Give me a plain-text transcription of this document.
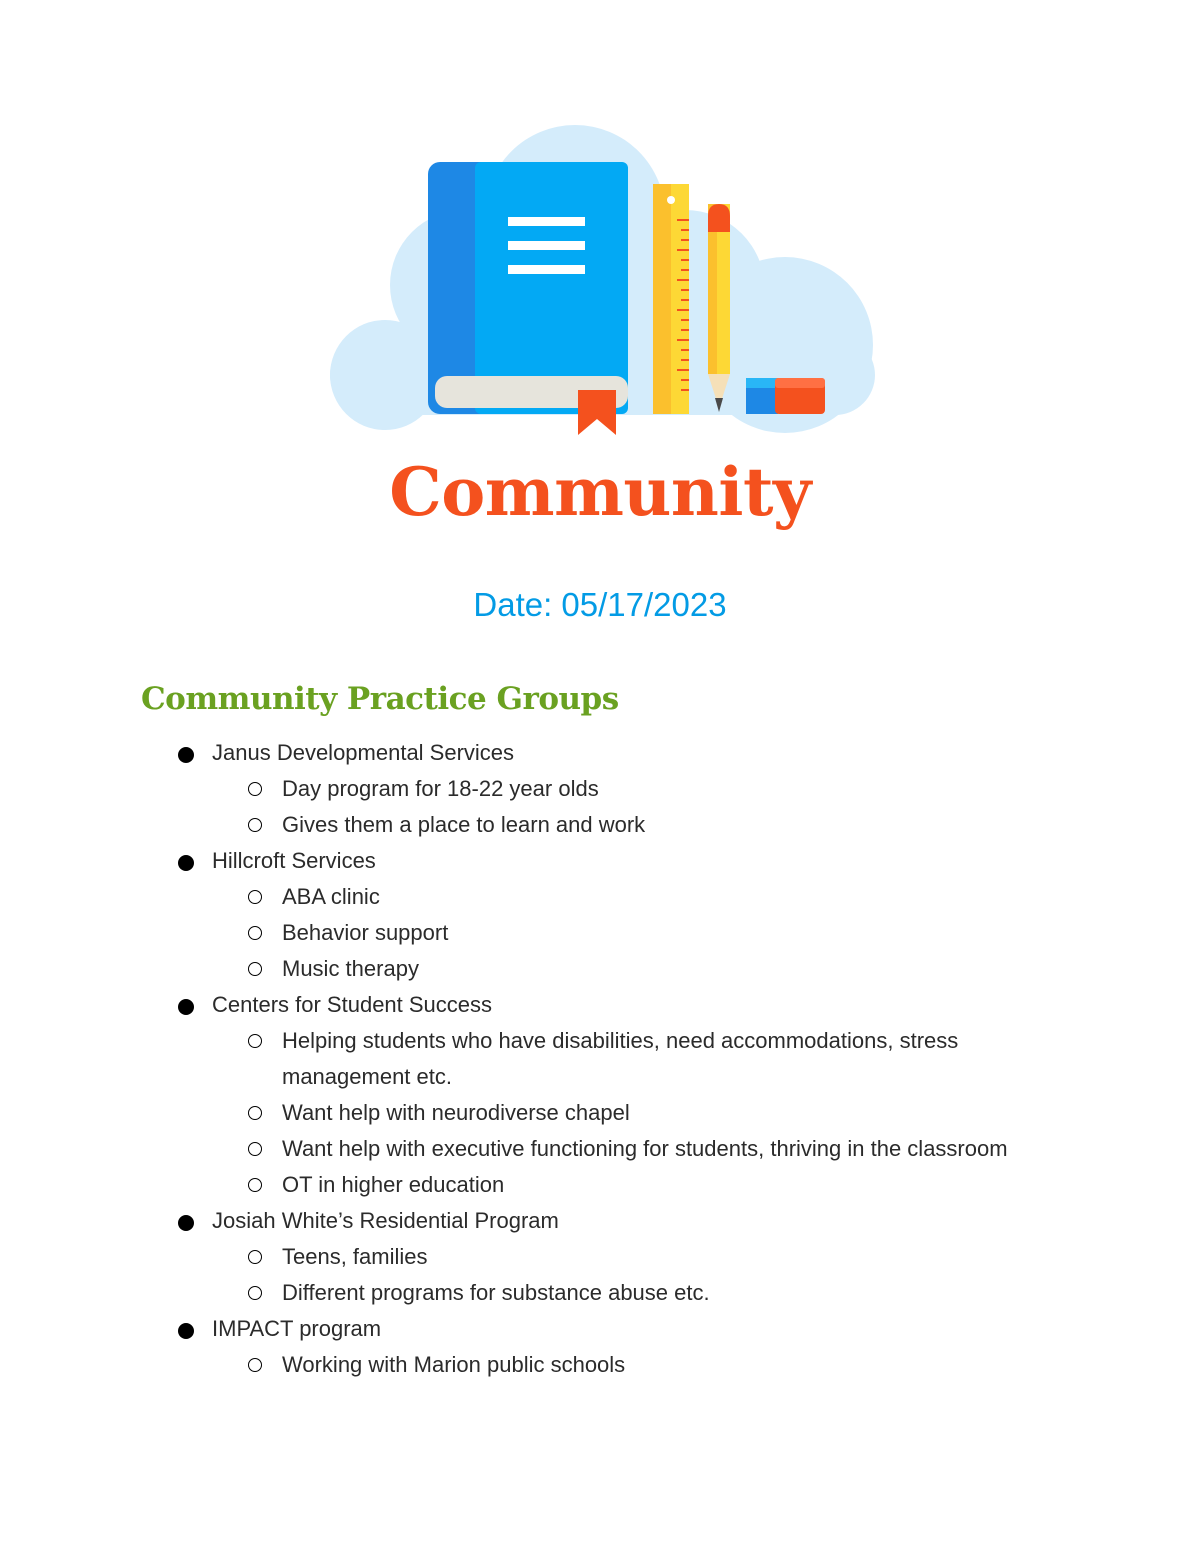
Community
Date: 05/17/2023
Community Practice Groups
Janus Developmental Services
Day program for 18-22 year olds
Gives them a place to learn and work
Hillcroft Services
ABA clinic
Behavior support
Music therapy
Centers for Student Success
Helping students who have disabilities, need accommodations, stress management etc.
Want help with neurodiverse chapel
Want help with executive functioning for students, thriving in the classroom
OT in higher education
Josiah White’s Residential Program
Teens, families
Different programs for substance abuse etc.
IMPACT program
Working with Marion public schools
